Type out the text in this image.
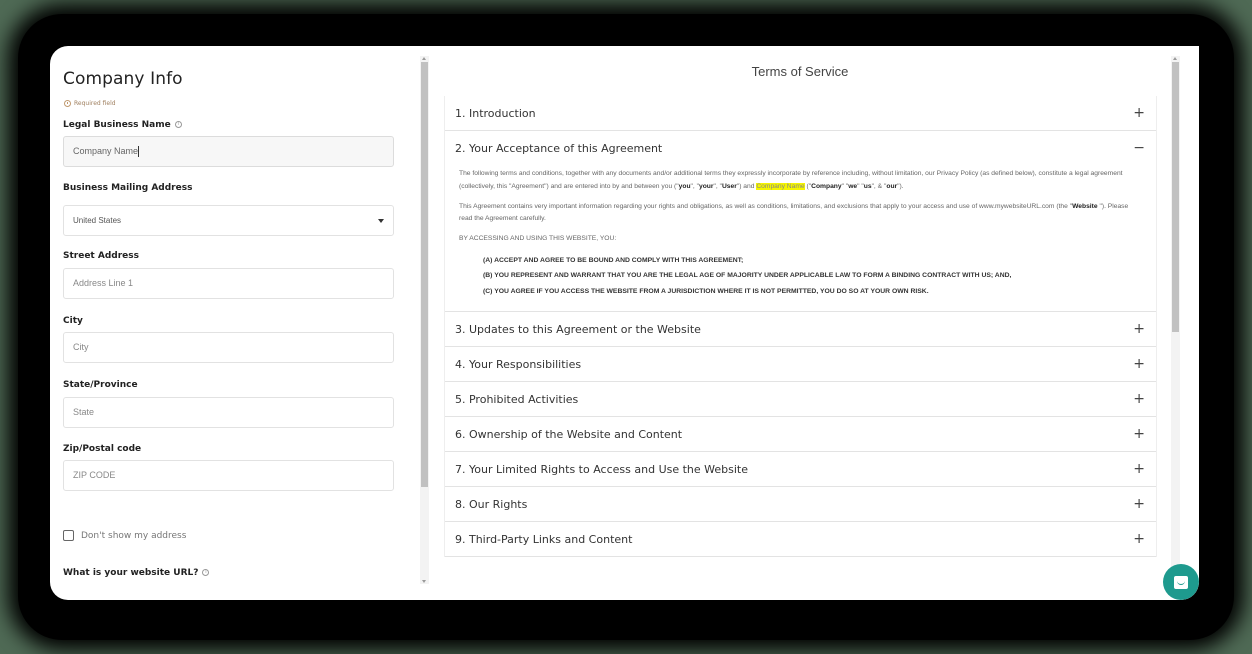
Company Info
Required field
Legal Business Name i
Company Name
Business Mailing Address
United States
Street Address
Address Line 1
City
City
State/Province
State
Zip/Postal code
ZIP CODE
Don't show my address
What is your website URL? i
Terms of Service
1. Introduction	+
2. Your Acceptance of this Agreement	−

The following terms and conditions, together with any documents and/or additional terms they expressly incorporate by reference including, without limitation, our Privacy Policy (as defined below), constitute a legal agreement (collectively, this "Agreement") and are entered into by and between you ("you", "your", "User") and Company Name ("Company" "we" "us", & "our").

This Agreement contains very important information regarding your rights and obligations, as well as conditions, limitations, and exclusions that apply to your access and use of www.mywebsiteURL.com (the "Website "). Please read the Agreement carefully.

BY ACCESSING AND USING THIS WEBSITE, YOU:

(A) ACCEPT AND AGREE TO BE BOUND AND COMPLY WITH THIS AGREEMENT;
(B) YOU REPRESENT AND WARRANT THAT YOU ARE THE LEGAL AGE OF MAJORITY UNDER APPLICABLE LAW TO FORM A BINDING CONTRACT WITH US; AND,
(C) YOU AGREE IF YOU ACCESS THE WEBSITE FROM A JURISDICTION WHERE IT IS NOT PERMITTED, YOU DO SO AT YOUR OWN RISK.
3. Updates to this Agreement or the Website	+
4. Your Responsibilities	+
5. Prohibited Activities	+
6. Ownership of the Website and Content	+
7. Your Limited Rights to Access and Use the Website	+
8. Our Rights	+
9. Third-Party Links and Content	+
